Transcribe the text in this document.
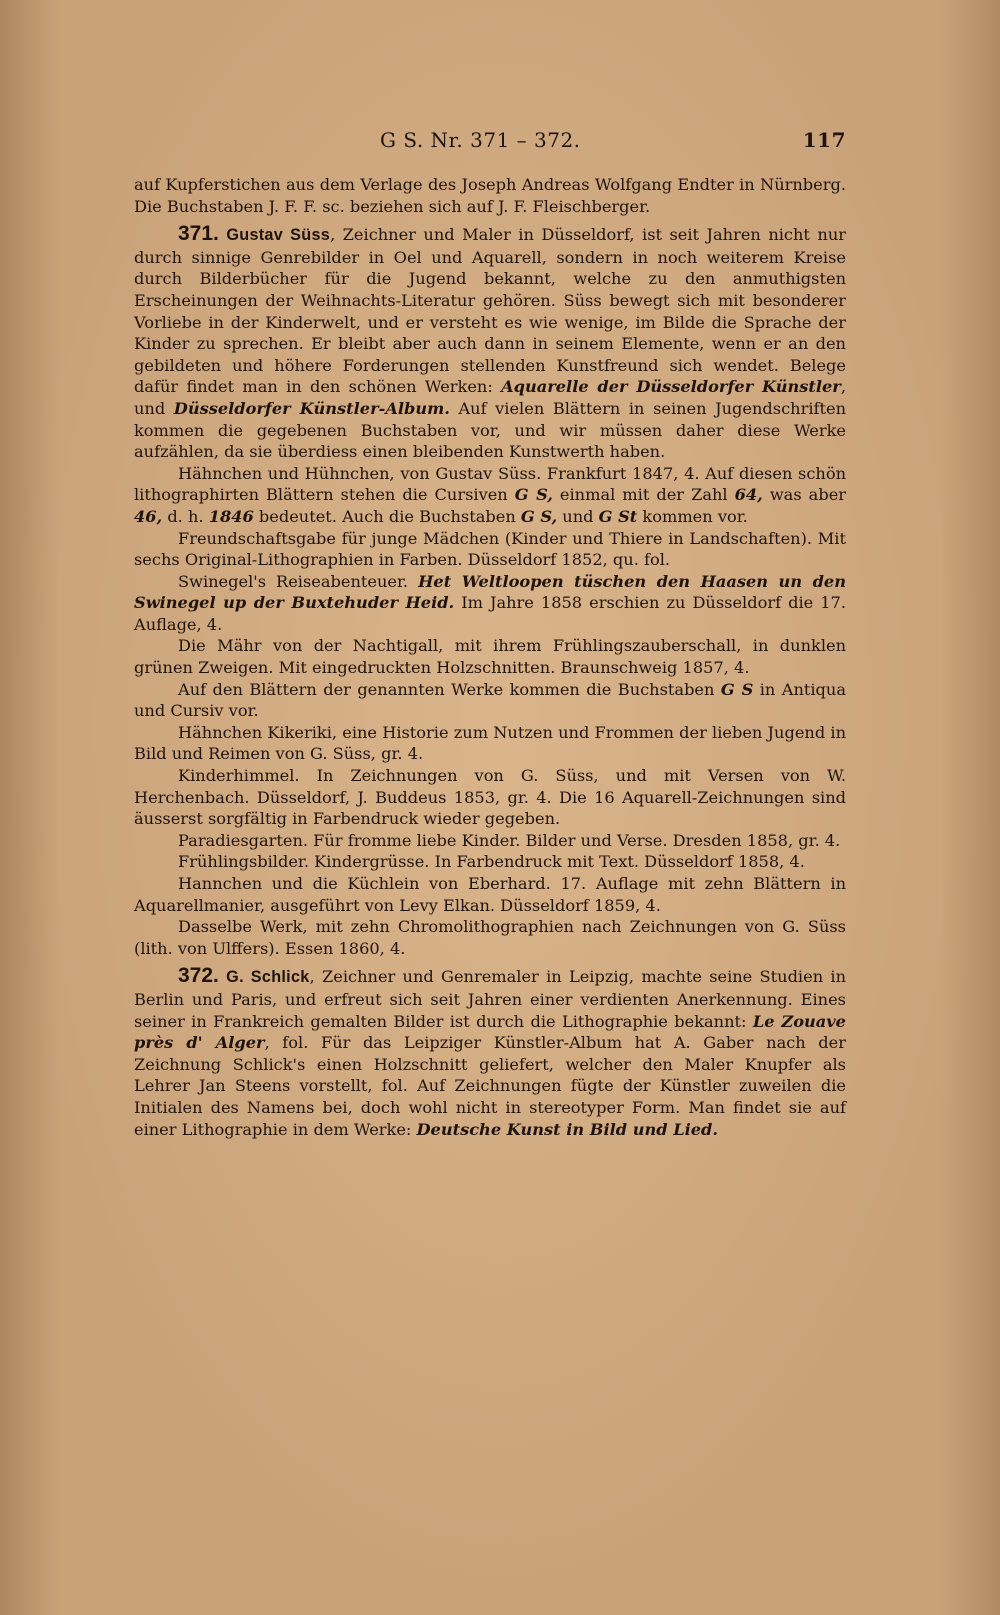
G S. Nr. 371 – 372.	117

auf Kupferstichen aus dem Verlage des Joseph Andreas Wolfgang Endter in Nürnberg. Die Buchstaben J. F. F. sc. beziehen sich auf J. F. Fleischberger.

371. Gustav Süss, Zeichner und Maler in Düsseldorf, ist seit Jahren nicht nur durch sinnige Genrebilder in Oel und Aquarell, sondern in noch weiterem Kreise durch Bilderbücher für die Jugend bekannt, welche zu den anmuthigsten Erscheinungen der Weihnachts-Literatur gehören. Süss bewegt sich mit besonderer Vorliebe in der Kinderwelt, und er versteht es wie wenige, im Bilde die Sprache der Kinder zu sprechen. Er bleibt aber auch dann in seinem Elemente, wenn er an den gebildeten und höhere Forderungen stellenden Kunstfreund sich wendet. Belege dafür findet man in den schönen Werken: Aquarelle der Düsseldorfer Künstler, und Düsseldorfer Künstler-Album. Auf vielen Blättern in seinen Jugendschriften kommen die gegebenen Buchstaben vor, und wir müssen daher diese Werke aufzählen, da sie überdiess einen bleibenden Kunstwerth haben.

Hähnchen und Hühnchen, von Gustav Süss. Frankfurt 1847, 4. Auf diesen schön lithographirten Blättern stehen die Cursiven G S, einmal mit der Zahl 64, was aber 46, d. h. 1846 bedeutet. Auch die Buchstaben G S, und G St kommen vor.

Freundschaftsgabe für junge Mädchen (Kinder und Thiere in Landschaften). Mit sechs Original-Lithographien in Farben. Düsseldorf 1852, qu. fol.

Swinegel's Reiseabenteuer. Het Weltloopen tüschen den Haasen un den Swinegel up der Buxtehuder Heid. Im Jahre 1858 erschien zu Düsseldorf die 17. Auflage, 4.

Die Mähr von der Nachtigall, mit ihrem Frühlingszauberschall, in dunklen grünen Zweigen. Mit eingedruckten Holzschnitten. Braunschweig 1857, 4.

Auf den Blättern der genannten Werke kommen die Buchstaben G S in Antiqua und Cursiv vor.

Hähnchen Kikeriki, eine Historie zum Nutzen und Frommen der lieben Jugend in Bild und Reimen von G. Süss, gr. 4.

Kinderhimmel. In Zeichnungen von G. Süss, und mit Versen von W. Herchenbach. Düsseldorf, J. Buddeus 1853, gr. 4. Die 16 Aquarell-Zeichnungen sind äusserst sorgfältig in Farbendruck wieder gegeben.

Paradiesgarten. Für fromme liebe Kinder. Bilder und Verse. Dresden 1858, gr. 4.

Frühlingsbilder. Kindergrüsse. In Farbendruck mit Text. Düsseldorf 1858, 4.

Hannchen und die Küchlein von Eberhard. 17. Auflage mit zehn Blättern in Aquarellmanier, ausgeführt von Levy Elkan. Düsseldorf 1859, 4.

Dasselbe Werk, mit zehn Chromolithographien nach Zeichnungen von G. Süss (lith. von Ulffers). Essen 1860, 4.

372. G. Schlick, Zeichner und Genremaler in Leipzig, machte seine Studien in Berlin und Paris, und erfreut sich seit Jahren einer verdienten Anerkennung. Eines seiner in Frankreich gemalten Bilder ist durch die Lithographie bekannt: Le Zouave près d' Alger, fol. Für das Leipziger Künstler-Album hat A. Gaber nach der Zeichnung Schlick's einen Holzschnitt geliefert, welcher den Maler Knupfer als Lehrer Jan Steens vorstellt, fol. Auf Zeichnungen fügte der Künstler zuweilen die Initialen des Namens bei, doch wohl nicht in stereotyper Form. Man findet sie auf einer Lithographie in dem Werke: Deutsche Kunst in Bild und Lied.
